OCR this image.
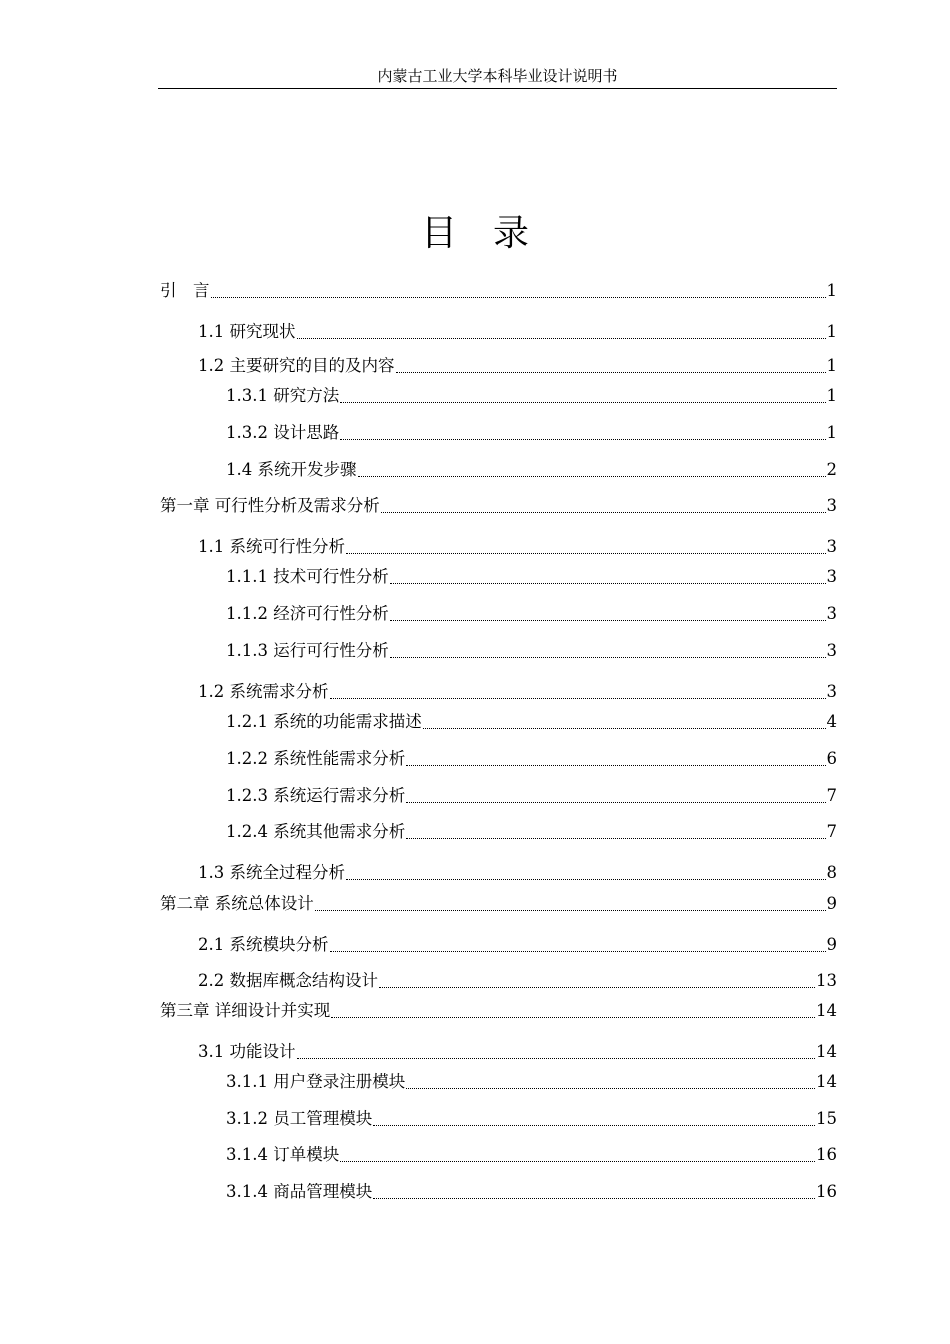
内蒙古工业大学本科毕业设计说明书
目 录
引　言	1
1.1 研究现状	1
1.2 主要研究的目的及内容	1
1.3.1 研究方法	1
1.3.2 设计思路	1
1.4 系统开发步骤	2
第一章 可行性分析及需求分析	3
1.1 系统可行性分析	3
1.1.1 技术可行性分析	3
1.1.2 经济可行性分析	3
1.1.3 运行可行性分析	3
1.2 系统需求分析	3
1.2.1 系统的功能需求描述	4
1.2.2 系统性能需求分析	6
1.2.3 系统运行需求分析	7
1.2.4 系统其他需求分析	7
1.3 系统全过程分析	8
第二章 系统总体设计	9
2.1 系统模块分析	9
2.2 数据库概念结构设计	13
第三章 详细设计并实现	14
3.1 功能设计	14
3.1.1 用户登录注册模块	14
3.1.2 员工管理模块	15
3.1.4 订单模块	16
3.1.4 商品管理模块	16
